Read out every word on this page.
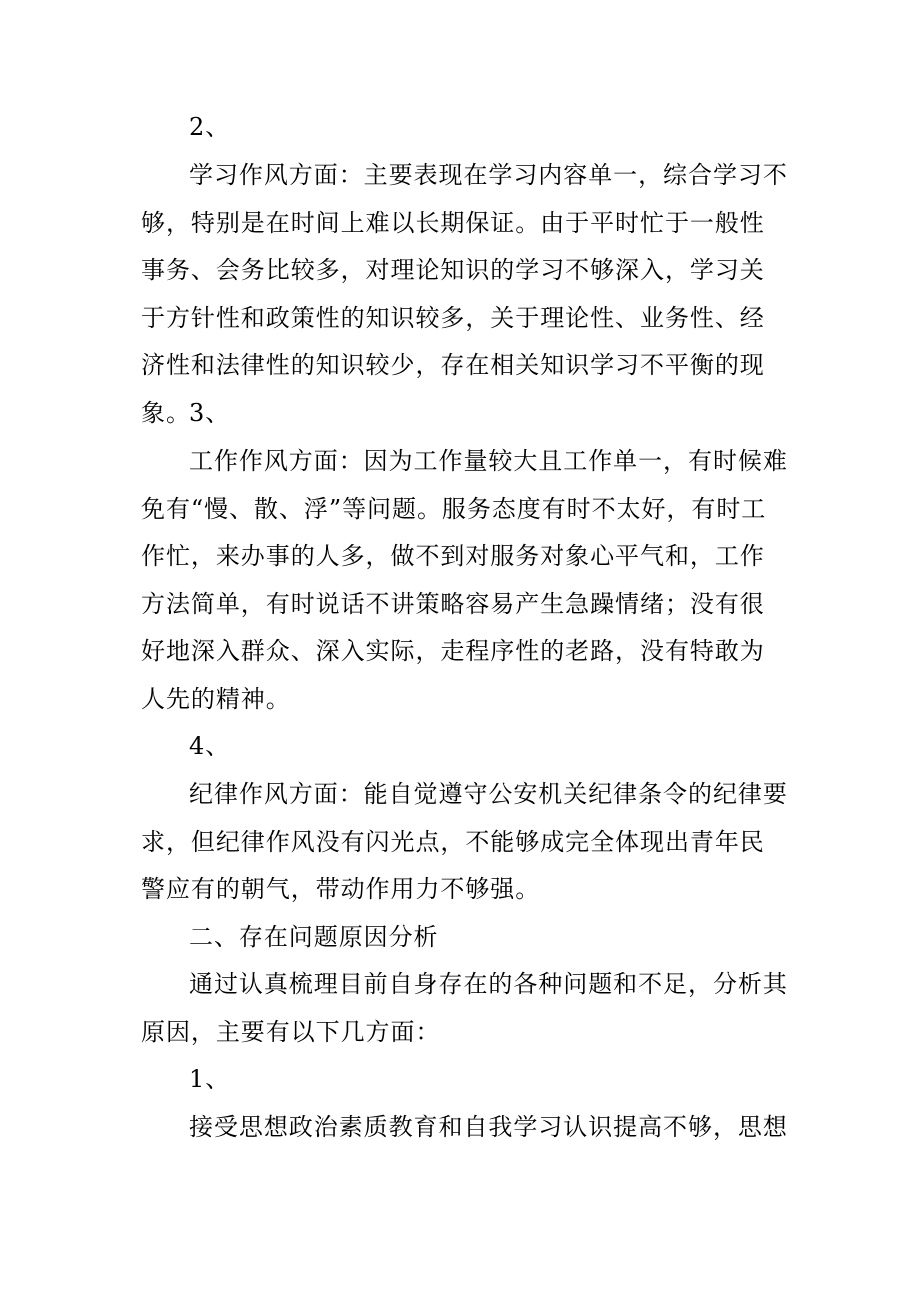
2、

学习作风方面：主要表现在学习内容单一，综合学习不够，特别是在时间上难以长期保证。由于平时忙于一般性事务、会务比较多，对理论知识的学习不够深入，学习关于方针性和政策性的知识较多，关于理论性、业务性、经济性和法律性的知识较少，存在相关知识学习不平衡的现象。

3、

工作作风方面：因为工作量较大且工作单一，有时候难免有“慢、散、浮”等问题。服务态度有时不太好，有时工作忙，来办事的人多，做不到对服务对象心平气和，工作方法简单，有时说话不讲策略容易产生急躁情绪；没有很好地深入群众、深入实际，走程序性的老路，没有特敢为人先的精神。

4、

纪律作风方面：能自觉遵守公安机关纪律条令的纪律要求，但纪律作风没有闪光点，不能够成完全体现出青年民警应有的朝气，带动作用力不够强。

二、存在问题原因分析

通过认真梳理目前自身存在的各种问题和不足，分析其原因，主要有以下几方面：

1、

接受思想政治素质教育和自我学习认识提高不够，思想
